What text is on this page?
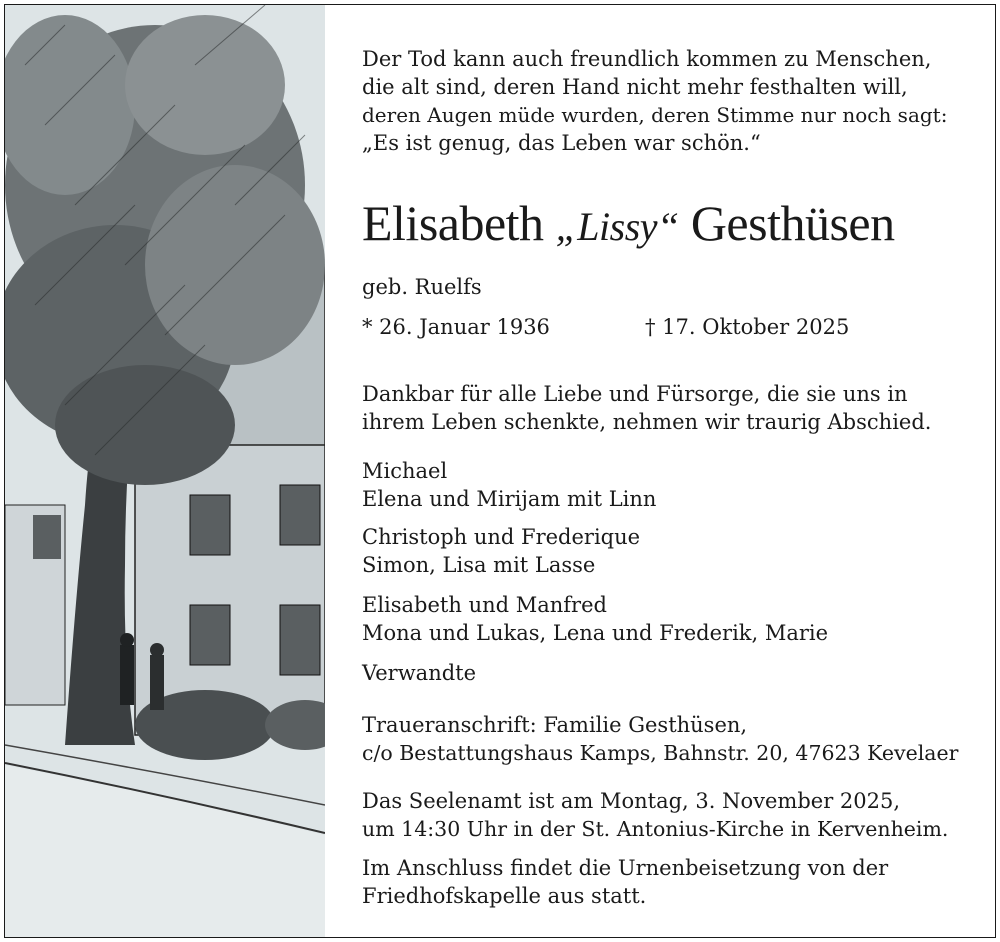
Der Tod kann auch freundlich kommen zu Menschen,
die alt sind, deren Hand nicht mehr festhalten will,
deren Augen müde wurden, deren Stimme nur noch sagt:
„Es ist genug, das Leben war schön.“
Elisabeth „Lissy“ Gesthüsen
geb. Ruelfs
* 26. Januar 1936	† 17. Oktober 2025
Dankbar für alle Liebe und Fürsorge, die sie uns in
ihrem Leben schenkte, nehmen wir traurig Abschied.
Michael
Elena und Mirijam mit Linn
Christoph und Frederique
Simon, Lisa mit Lasse
Elisabeth und Manfred
Mona und Lukas, Lena und Frederik, Marie
Verwandte
Traueranschrift: Familie Gesthüsen,
c/o Bestattungshaus Kamps, Bahnstr. 20, 47623 Kevelaer
Das Seelenamt ist am Montag, 3. November 2025,
um 14:30 Uhr in der St. Antonius-Kirche in Kervenheim.
Im Anschluss findet die Urnenbeisetzung von der
Friedhofskapelle aus statt.
